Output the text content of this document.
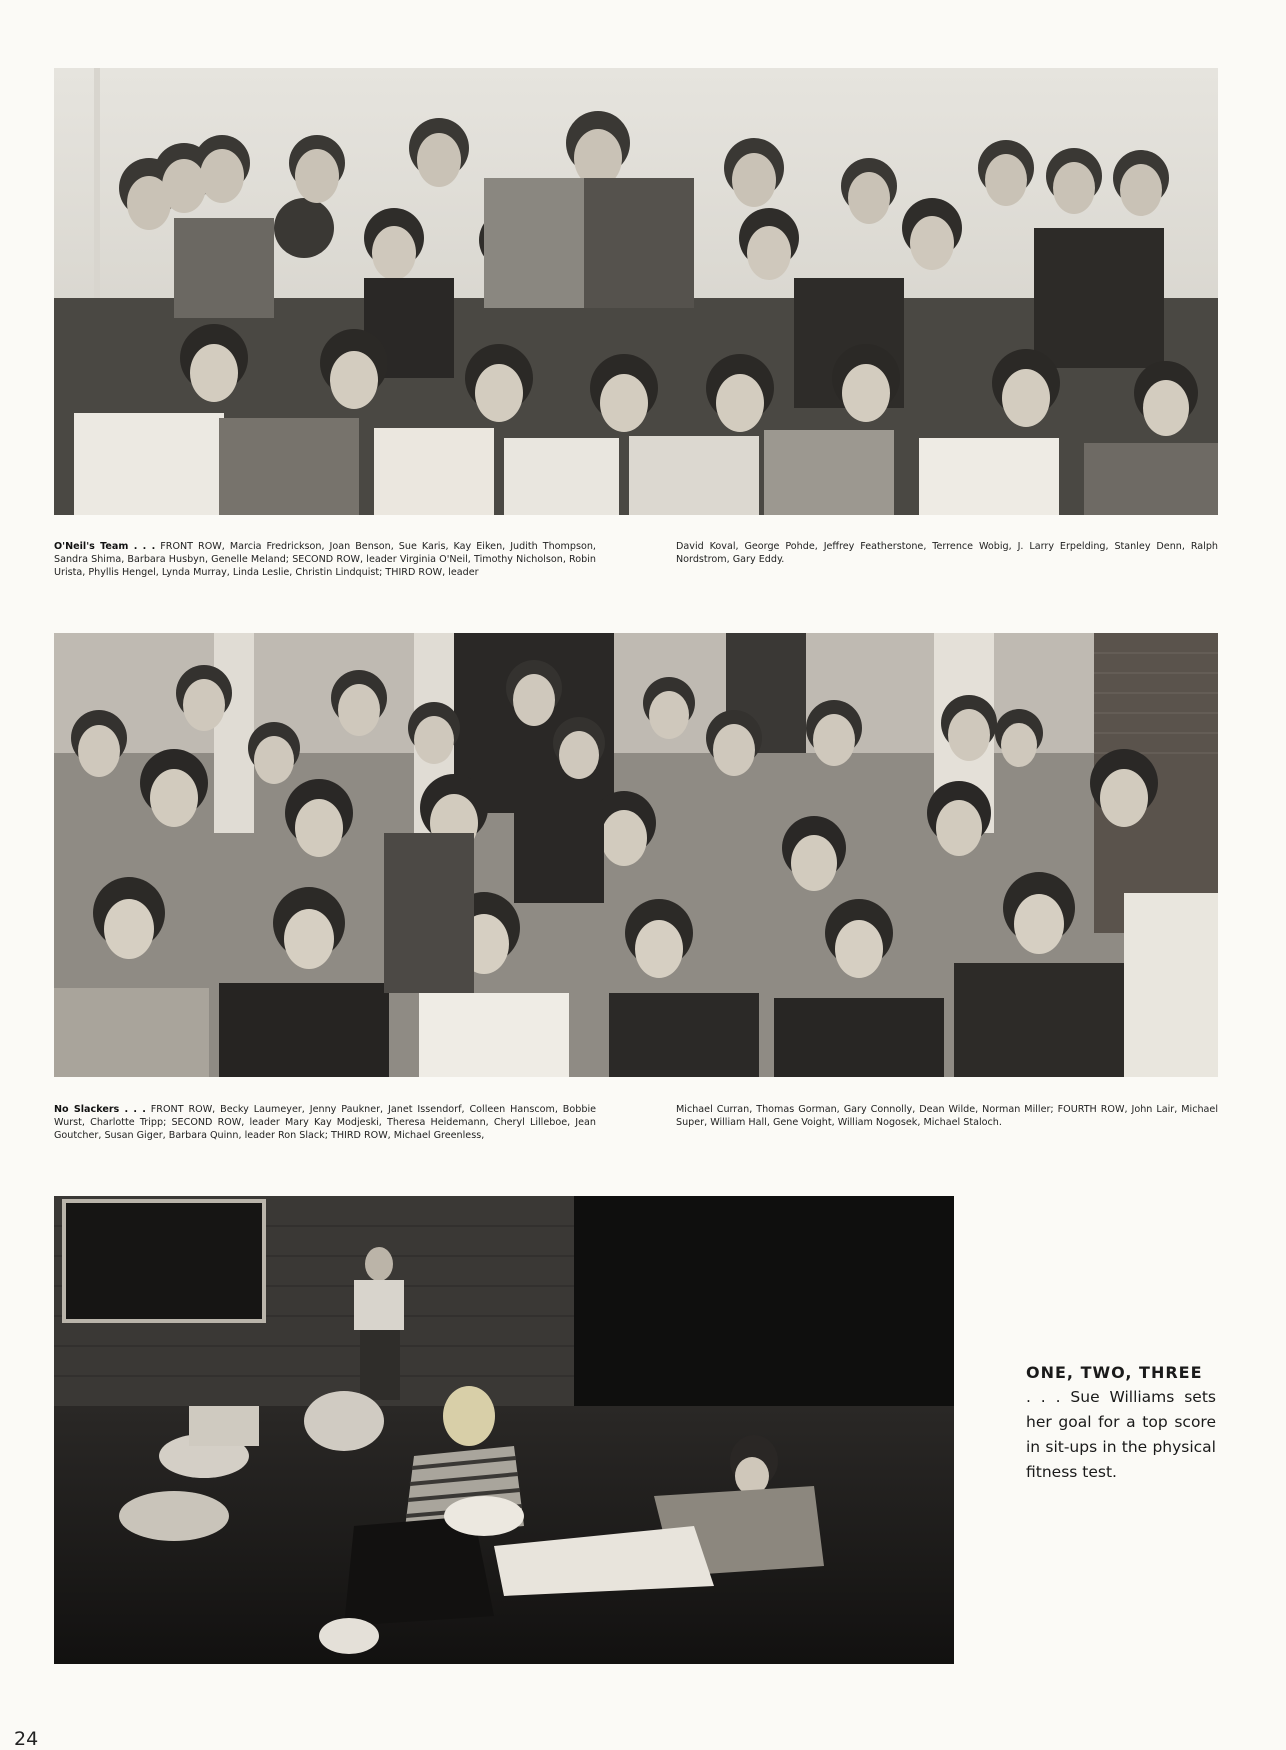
O'Neil's Team . . . FRONT ROW, Marcia Fredrickson, Joan Benson, Sue Karis, Kay Eiken, Judith Thompson, Sandra Shima, Barbara Husbyn, Genelle Meland; SECOND ROW, leader Virginia O'Neil, Timothy Nicholson, Robin Urista, Phyllis Hengel, Lynda Murray, Linda Leslie, Christin Lindquist; THIRD ROW, leader
David Koval, George Pohde, Jeffrey Featherstone, Terrence Wobig, J. Larry Erpelding, Stanley Denn, Ralph Nordstrom, Gary Eddy.
No Slackers . . . FRONT ROW, Becky Laumeyer, Jenny Paukner, Janet Issendorf, Colleen Hanscom, Bobbie Wurst, Charlotte Tripp; SECOND ROW, leader Mary Kay Modjeski, Theresa Heidemann, Cheryl Lilleboe, Jean Goutcher, Susan Giger, Barbara Quinn, leader Ron Slack; THIRD ROW, Michael Greenless,
Michael Curran, Thomas Gorman, Gary Connolly, Dean Wilde, Norman Miller; FOURTH ROW, John Lair, Michael Super, William Hall, Gene Voight, William Nogosek, Michael Staloch.
ONE, TWO, THREE
. . . Sue Williams sets her goal for a top score in sit-ups in the physical fitness test.
24
